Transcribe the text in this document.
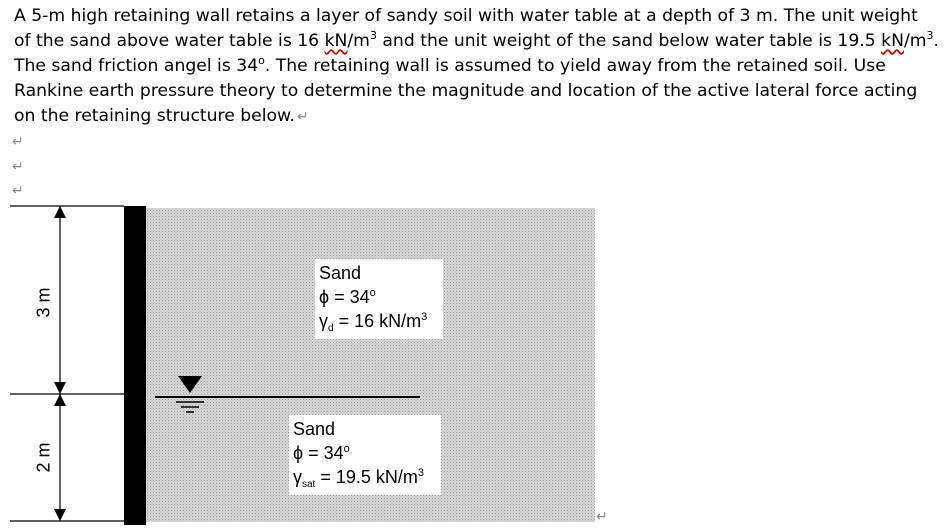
A 5-m high retaining wall retains a layer of sandy soil with water table at a depth of 3 m. The unit weight of the sand above water table is 16 $kN/m^3$ and the unit weight of the sand below water table is 19.5 $kN/m^3$. The sand friction angel is 34$^o$. The retaining wall is assumed to yield away from the retained soil. Use Rankine earth pressure theory to determine the magnitude and location of the active lateral force acting on the retaining structure below. ↵
↵
↵
↵
↵
3 m
2 m
Sand
$\phi = 34^o$
$\gamma_d = 16$ $kN/m^3$
Sand
$\phi = 34^o$
$\gamma_{sat} = 19.5$ $kN/m^3$
